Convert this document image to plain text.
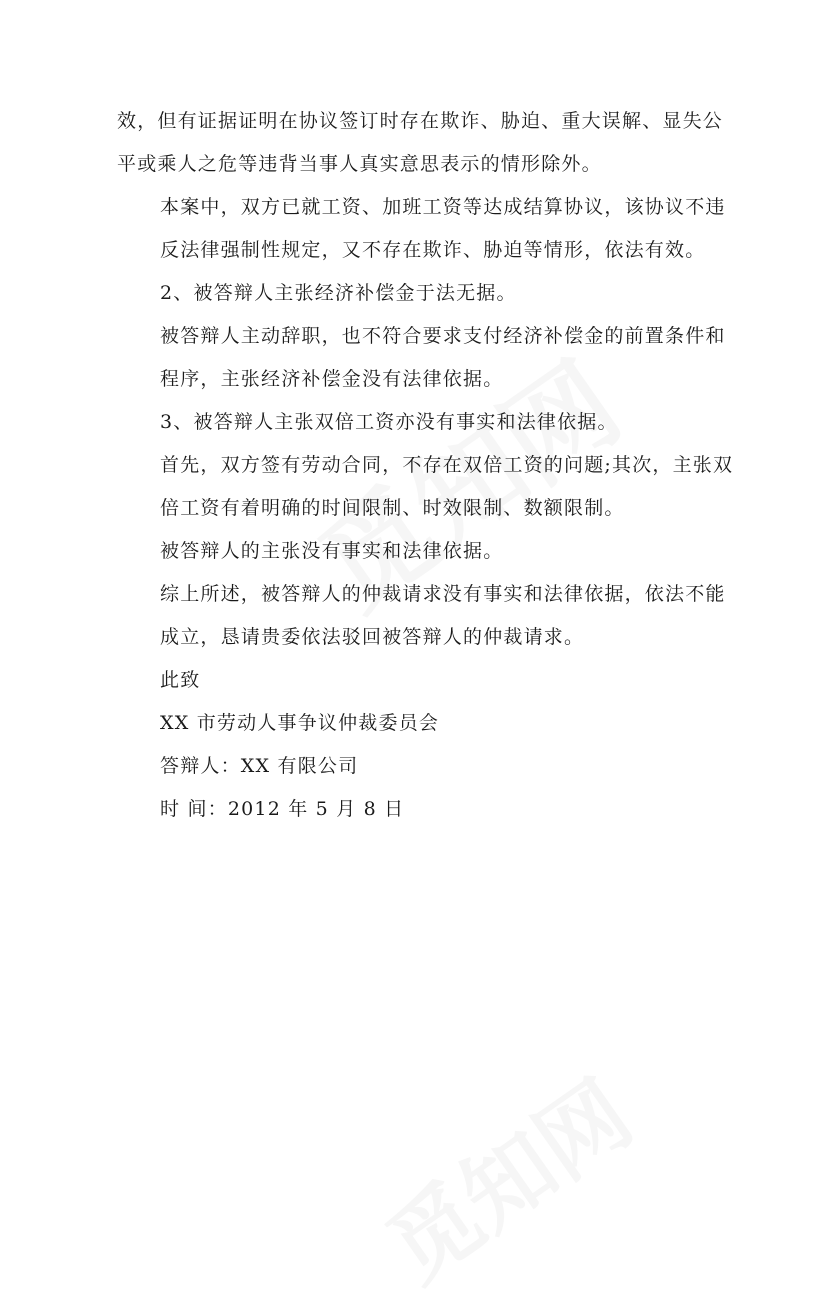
效，但有证据证明在协议签订时存在欺诈、胁迫、重大误解、显失公
平或乘人之危等违背当事人真实意思表示的情形除外。

本案中，双方已就工资、加班工资等达成结算协议，该协议不违
反法律强制性规定，又不存在欺诈、胁迫等情形，依法有效。

2、被答辩人主张经济补偿金于法无据。

被答辩人主动辞职，也不符合要求支付经济补偿金的前置条件和
程序，主张经济补偿金没有法律依据。

3、被答辩人主张双倍工资亦没有事实和法律依据。

首先，双方签有劳动合同，不存在双倍工资的问题;其次，主张双
倍工资有着明确的时间限制、时效限制、数额限制。

被答辩人的主张没有事实和法律依据。

综上所述，被答辩人的仲裁请求没有事实和法律依据，依法不能
成立，恳请贵委依法驳回被答辩人的仲裁请求。

此致

XX 市劳动人事争议仲裁委员会

答辩人：XX 有限公司

时 间：2012 年 5 月 8 日
